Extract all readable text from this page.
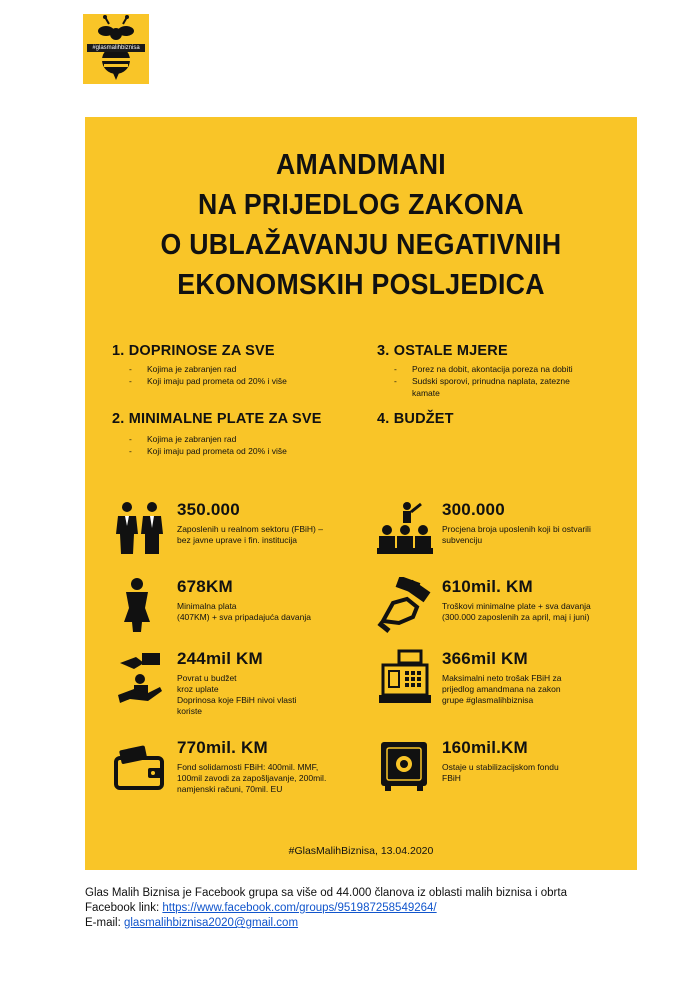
#glasmalihbiznisa
AMANDMANI
NA PRIJEDLOG ZAKONA
O UBLAŽAVANJU NEGATIVNIH
EKONOMSKIH POSLJEDICA
1. DOPRINOSE ZA SVE
- Kojima je zabranjen rad
- Koji imaju pad prometa od 20% i više
2. MINIMALNE PLATE ZA SVE
- Kojima je zabranjen rad
- Koji imaju pad prometa od 20% i više
3. OSTALE MJERE
- Porez na dobit, akontacija poreza na dobiti
- Sudski sporovi, prinudna naplata, zatezne kamate
4. BUDŽET
350.000
Zaposlenih u realnom sektoru (FBiH) –
bez javne uprave i fin. institucija
678KM
Minimalna plata
(407KM) + sva pripadajuća davanja
244mil KM
Povrat u budžet
kroz uplate
Doprinosa koje FBiH nivoi vlasti
koriste
770mil. KM
Fond solidarnosti FBiH: 400mil. MMF,
100mil zavodi za zapošljavanje, 200mil.
namjenski računi, 70mil. EU
300.000
Procjena broja uposlenih koji bi ostvarili
subvenciju
610mil. KM
Troškovi minimalne plate + sva davanja
(300.000 zaposlenih za april, maj i juni)
366mil KM
Maksimalni neto trošak FBiH za
prijedlog amandmana na zakon
grupe #glasmalihbiznisa
160mil.KM
Ostaje u stabilizacijskom fondu
FBiH
#GlasMalihBiznisa, 13.04.2020
Glas Malih Biznisa je Facebook grupa sa više od 44.000 članova iz oblasti malih biznisa i obrta
Facebook link: https://www.facebook.com/groups/951987258549264/
E-mail: glasmalihbiznisa2020@gmail.com
